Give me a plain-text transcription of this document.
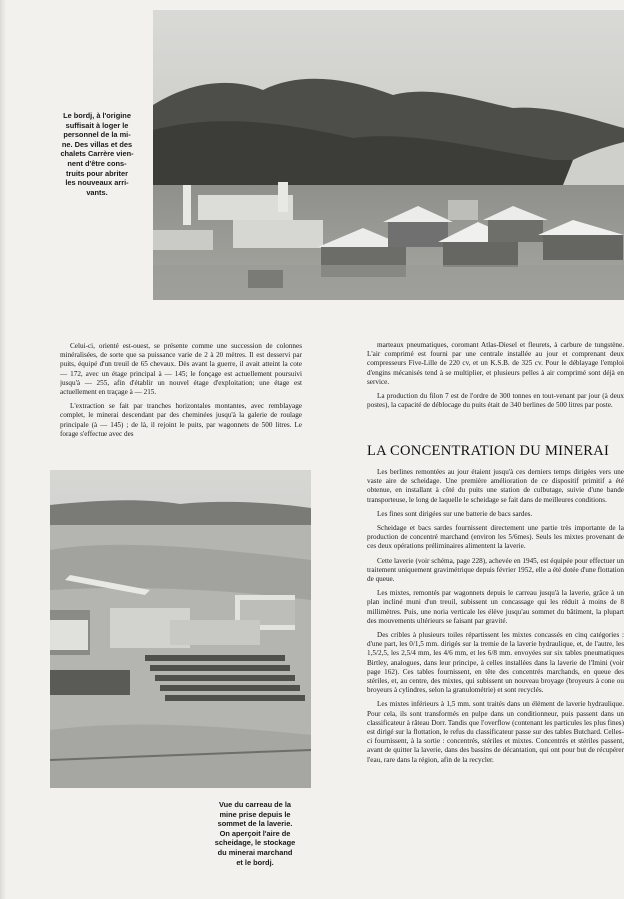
Le bordj, à l'origine
suffisait à loger le
personnel de la mi-
ne. Des villas et des
chalets Carrère vien-
nent d'être cons-
truits pour abriter
les nouveaux arri-
vants.

Celui-ci, orienté est-ouest, se présente comme une succession de colonnes minéralisées, de sorte que sa puissance varie de 2 à 20 mètres. Il est desservi par puits, équipé d'un treuil de 65 chevaux. Dès avant la guerre, il avait atteint la cote — 172, avec un étage principal à — 145; le fonçage est actuellement poursuivi jusqu'à — 255, afin d'établir un nouvel étage d'exploitation; une étage est actuellement en traçage à — 215.

L'extraction se fait par tranches horizontales montantes, avec remblayage complet, le minerai descendant par des cheminées jusqu'à la galerie de roulage principale (à — 145) ; de là, il rejoint le puits, par wagonnets de 500 litres. Le forage s'effectue avec des

marteaux pneumatiques, coromant Atlas-Diesel et fleurets, à carbure de tungstène. L'air comprimé est fourni par une centrale installée au jour et comprenant deux compresseurs Five-Lille de 220 cv, et un K.S.B. de 325 cv. Pour le déblayage l'emploi d'engins mécanisés tend à se multiplier, et plusieurs pelles à air comprimé sont déjà en service.

La production du filon 7 est de l'ordre de 300 tonnes en tout-venant par jour (à deux postes), la capacité de déblocage du puits était de 340 berlines de 500 litres par poste.

LA CONCENTRATION DU MINERAI

Les berlines remontées au jour étaient jusqu'à ces derniers temps dirigées vers une vaste aire de scheidage. Une première amélioration de ce dispositif primitif a été obtenue, en installant à côté du puits une station de culbutage, suivie d'une bande transporteuse, le long de laquelle le scheidage se fait dans de meilleures conditions.

Les fines sont dirigées sur une batterie de bacs sardes.

Scheidage et bacs sardes fournissent directement une partie très importante de la production de concentré marchand (environ les 5/6mes). Seuls les mixtes provenant de ces deux opérations préliminaires alimentent la laverie.

Cette laverie (voir schéma, page 228), achevée en 1945, est équipée pour effectuer un traitement uniquement gravimétrique depuis février 1952, elle a été dotée d'une flottation de queue.

Les mixtes, remontés par wagonnets depuis le carreau jusqu'à la laverie, grâce à un plan incliné muni d'un treuil, subissent un concassage qui les réduit à moins de 8 millimètres. Puis, une noria verticale les élève jusqu'au sommet du bâtiment, la plupart des mouvements ultérieurs se faisant par gravité.

Des cribles à plusieurs toiles répartissent les mixtes concassés en cinq catégories : d'une part, les 0/1,5 mm. dirigés sur la tremie de la laverie hydraulique, et, de l'autre, les 1,5/2,5, les 2,5/4 mm, les 4/6 mm, et les 6/8 mm. envoyées sur six tables pneumatiques Birtley, analogues, dans leur principe, à celles installées dans la laverie de l'Imini (voir page 162). Ces tables fournissent, en tête des concentrés marchands, en queue des stériles, et, au centre, des mixtes, qui subissent un nouveau broyage (broyeurs à cone ou broyeurs à cylindres, selon la granulométrie) et sont recyclés.

Les mixtes inférieurs à 1,5 mm. sont traités dans un élément de laverie hydraulique. Pour cela, ils sont transformés en pulpe dans un conditionneur, puis passent dans un classificateur à râteau Dorr. Tandis que l'overflow (contenant les particules les plus fines) est dirigé sur la flottation, le refus du classificateur passe sur des tables Butchard. Celles-ci fournissent, à la sortie : concentrés, stériles et mixtes. Concentrés et stériles passent, avant de quitter la laverie, dans des bassins de décantation, qui ont pour but de récupérer l'eau, rare dans la région, afin de la recycler.

Vue du carreau de la
mine prise depuis le
sommet de la laverie.
On aperçoit l'aire de
scheidage, le stockage
du minerai marchand
et le bordj.
